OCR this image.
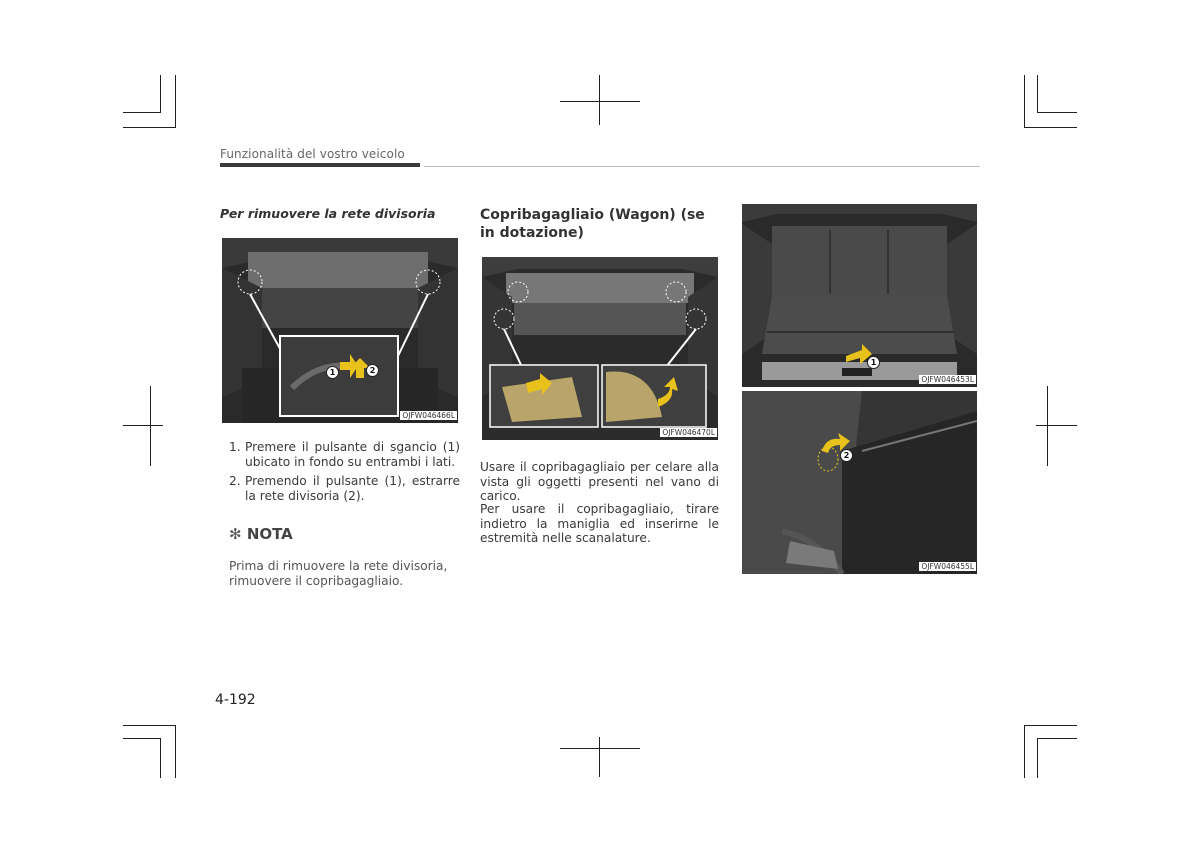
Funzionalità del vostro veicolo
Per rimuovere la rete divisoria
1	2
OJFW046466L
1. Premere il pulsante di sgancio (1) ubicato in fondo su entrambi i lati.
2. Premendo il pulsante (1), estrarre la rete divisoria (2).
✻ NOTA
Prima di rimuovere la rete divisoria, rimuovere il copribagagliaio.
Copribagagliaio (Wagon) (se in dotazione)
OJFW046470L
Usare il copribagagliaio per celare alla vista gli oggetti presenti nel vano di carico.
Per usare il copribagagliaio, tirare indietro la maniglia ed inserirne le estremità nelle scanalature.
1
OJFW046453L
2
OJFW046455L
4-192
